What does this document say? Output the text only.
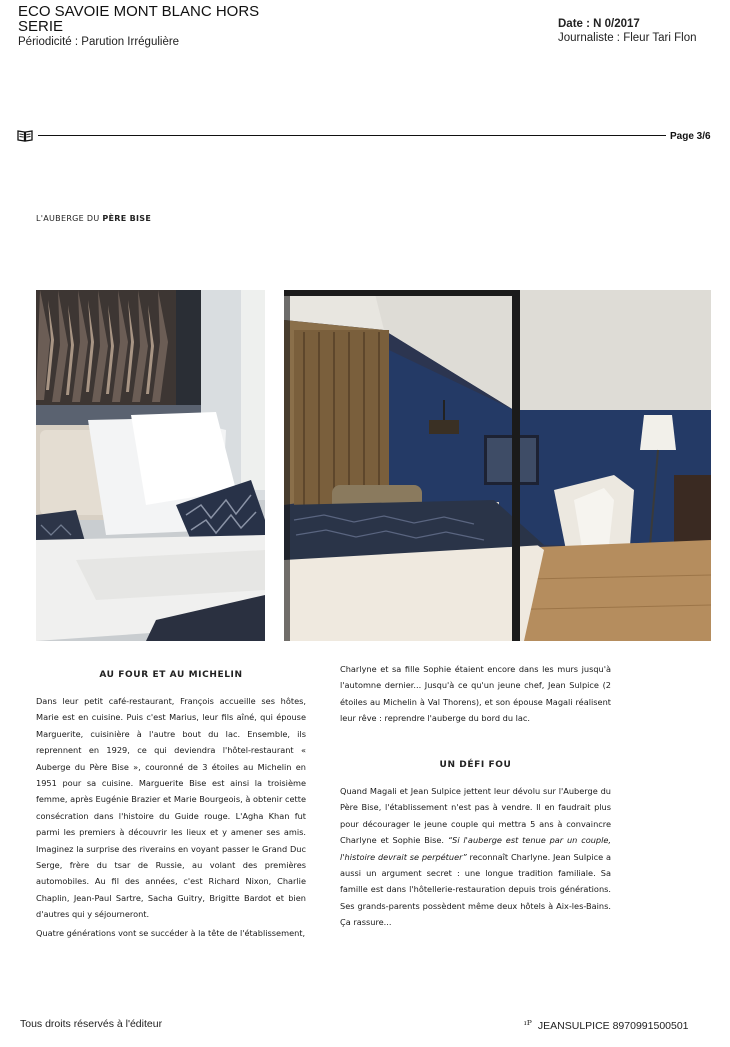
ECO SAVOIE MONT BLANC HORS SERIE
Périodicité : Parution Irrégulière
Date : N 0/2017
Journaliste : Fleur Tari Flon
Page 3/6
L'AUBERGE DU PÈRE BISE
AU FOUR ET AU MICHELIN

Dans leur petit café-restaurant, François accueille ses hôtes, Marie est en cuisine. Puis c'est Marius, leur fils aîné, qui épouse Marguerite, cuisinière à l'autre bout du lac. Ensemble, ils reprennent en 1929, ce qui deviendra l'hôtel-restaurant « Auberge du Père Bise », couronné de 3 étoiles au Michelin en 1951 pour sa cuisine. Marguerite Bise est ainsi la troisième femme, après Eugénie Brazier et Marie Bourgeois, à obtenir cette consécration dans l'histoire du Guide rouge. L'Agha Khan fut parmi les premiers à découvrir les lieux et y amener ses amis. Imaginez la surprise des riverains en voyant passer le Grand Duc Serge, frère du tsar de Russie, au volant des premières automobiles. Au fil des années, c'est Richard Nixon, Charlie Chaplin, Jean-Paul Sartre, Sacha Guitry, Brigitte Bardot et bien d'autres qui y séjourneront.

Quatre générations vont se succéder à la tête de l'établissement,

Charlyne et sa fille Sophie étaient encore dans les murs jusqu'à l'automne dernier... Jusqu'à ce qu'un jeune chef, Jean Sulpice (2 étoiles au Michelin à Val Thorens), et son épouse Magali réalisent leur rêve : reprendre l'auberge du bord du lac.

UN DÉFI FOU

Quand Magali et Jean Sulpice jettent leur dévolu sur l'Auberge du Père Bise, l'établissement n'est pas à vendre. Il en faudrait plus pour décourager le jeune couple qui mettra 5 ans à convaincre Charlyne et Sophie Bise. “Si l'auberge est tenue par un couple, l'histoire devrait se perpétuer” reconnaît Charlyne. Jean Sulpice a aussi un argument secret : une longue tradition familiale. Sa famille est dans l'hôtellerie-restauration depuis trois générations. Ses grands-parents possèdent même deux hôtels à Aix-les-Bains. Ça rassure...

Tous droits réservés à l'éditeur	ᶦᴾ JEANSULPICE 8970991500501
